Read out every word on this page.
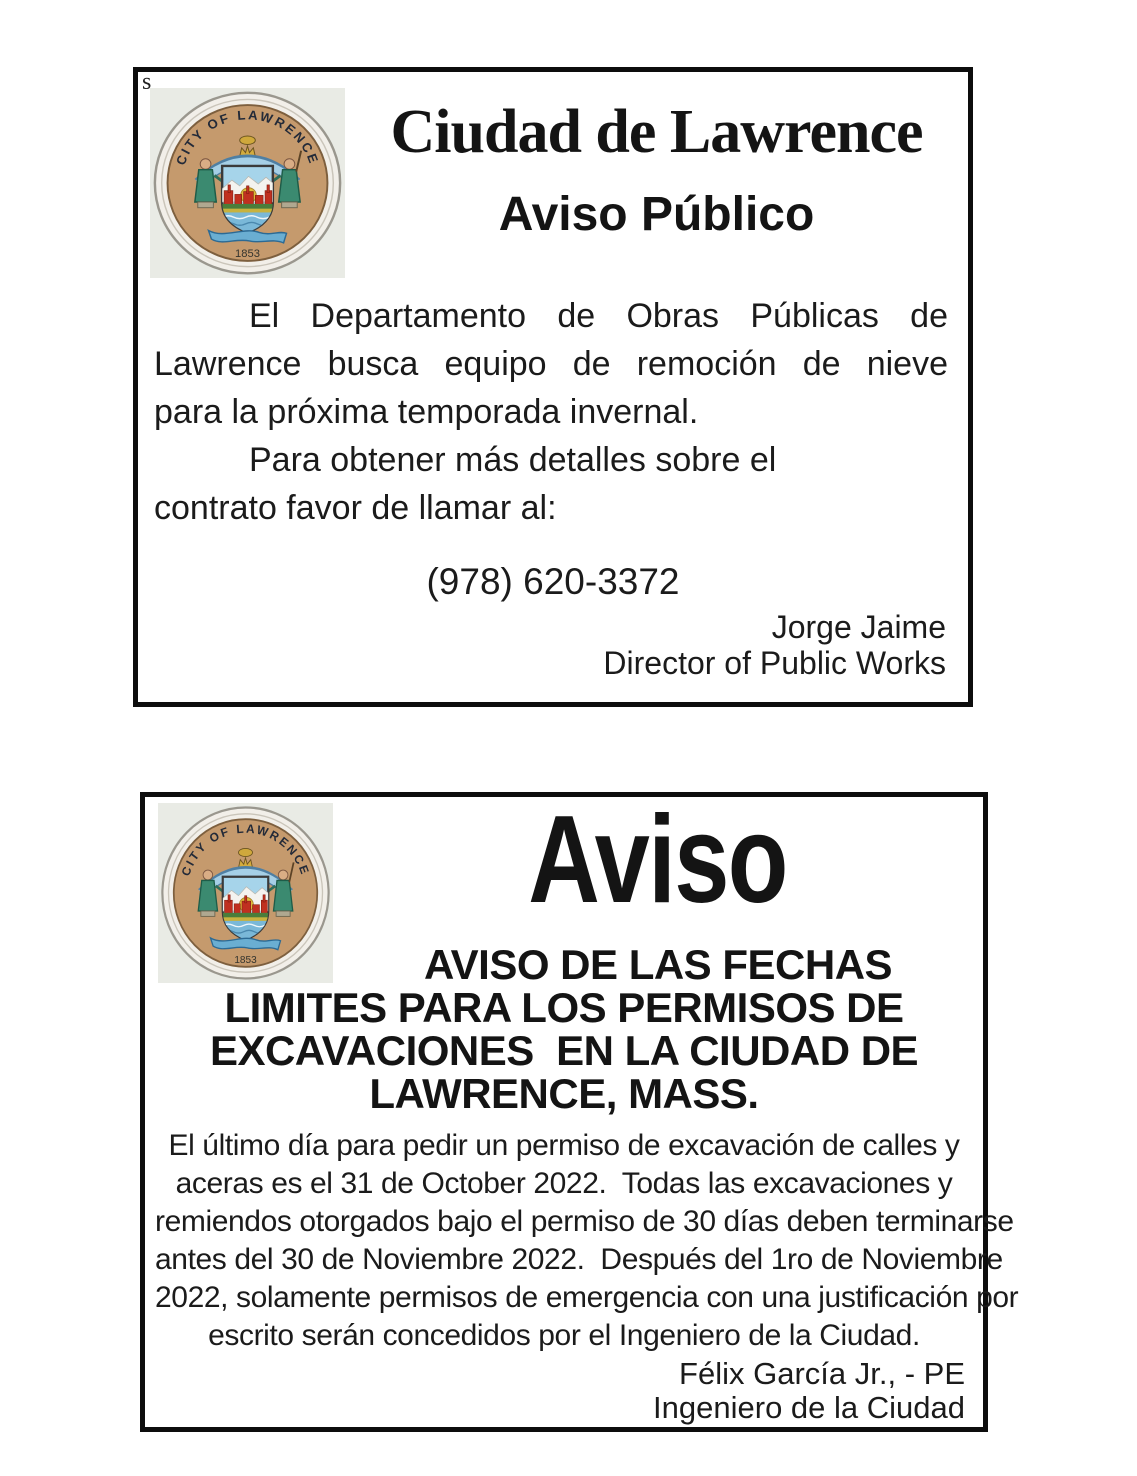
s
Ciudad de Lawrence
Aviso Público
El Departamento de Obras Públicas de
Lawrence busca equipo de remoción de nieve
para la próxima temporada invernal.
Para obtener más detalles sobre el
contrato favor de llamar al:
(978) 620-3372
Jorge Jaime
Director of Public Works
Aviso
AVISO DE LAS FECHAS
LIMITES PARA LOS PERMISOS DE
EXCAVACIONES  EN LA CIUDAD DE
LAWRENCE, MASS.
El último día para pedir un permiso de excavación de calles y
aceras es el 31 de October 2022.  Todas las excavaciones y
remiendos otorgados bajo el permiso de 30 días deben terminarse
antes del 30 de Noviembre 2022.  Después del 1ro de Noviembre
2022, solamente permisos de emergencia con una justificación por
escrito serán concedidos por el Ingeniero de la Ciudad.
Félix García Jr., - PE
Ingeniero de la Ciudad
